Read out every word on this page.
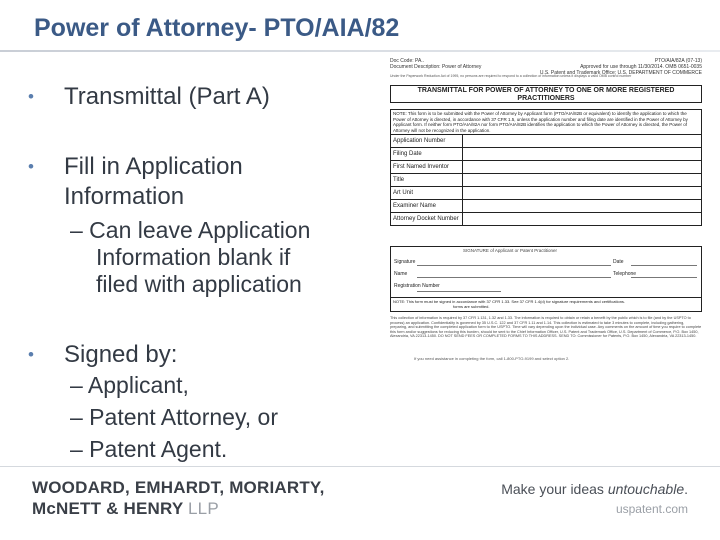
Power of Attorney- PTO/AIA/82
• Transmittal (Part A)
• Fill in Application Information
– Can leave Application
Information blank if
filed with application
• Signed by:
– Applicant,
– Patent Attorney, or
– Patent Agent.
Doc Code: PA..
Document Description: Power of Attorney
PTO/AIA/82A (07-13)
Approved for use through 11/30/2014. OMB 0651-0035
U.S. Patent and Trademark Office; U.S. DEPARTMENT OF COMMERCE
Under the Paperwork Reduction Act of 1995, no persons are required to respond to a collection of information unless it displays a valid OMB control number
TRANSMITTAL FOR POWER OF ATTORNEY TO ONE OR MORE REGISTERED PRACTITIONERS
NOTE: This form is to be submitted with the Power of Attorney by Applicant form (PTO/AIA/82B or equivalent) to identify the application to which the Power of Attorney is directed, in accordance with 37 CFR 1.5, unless the application number and filing date are identified in the Power of Attorney by Applicant form. If neither form PTO/AIA/82A nor form PTO/AIA/82B identifies the application to which the Power of Attorney is directed, the Power of Attorney will not be recognized in the application.
Application Number
Filing Date
First Named Inventor
Title
Art Unit
Examiner Name
Attorney Docket Number
SIGNATURE of Applicant or Patent Practitioner
Signature	Date
Name	Telephone
Registration Number
NOTE: This form must be signed in accordance with 37 CFR 1.33. See 37 CFR 1.4(d) for signature requirements and certifications.
forms are submitted.
This collection of information is required by 37 CFR 1.131, 1.32 and 1.33. The information is required to obtain or retain a benefit by the public which is to file (and by the USPTO to process) an application. Confidentiality is governed by 35 U.S.C. 122 and 37 CFR 1.11 and 1.14. This collection is estimated to take 3 minutes to complete, including gathering, preparing, and submitting the completed application form to the USPTO. Time will vary depending upon the individual case. Any comments on the amount of time you require to complete this form and/or suggestions for reducing this burden, should be sent to the Chief Information Officer, U.S. Patent and Trademark Office, U.S. Department of Commerce, P.O. Box 1450, Alexandria, VA 22313-1450. DO NOT SEND FEES OR COMPLETED FORMS TO THIS ADDRESS. SEND TO: Commissioner for Patents, P.O. Box 1450, Alexandria, VA 22313-1450.
If you need assistance in completing the form, call 1-800-PTO-9199 and select option 2.
WOODARD, EMHARDT, MORIARTY,
McNETT & HENRY LLP
Make your ideas untouchable.
uspatent.com
